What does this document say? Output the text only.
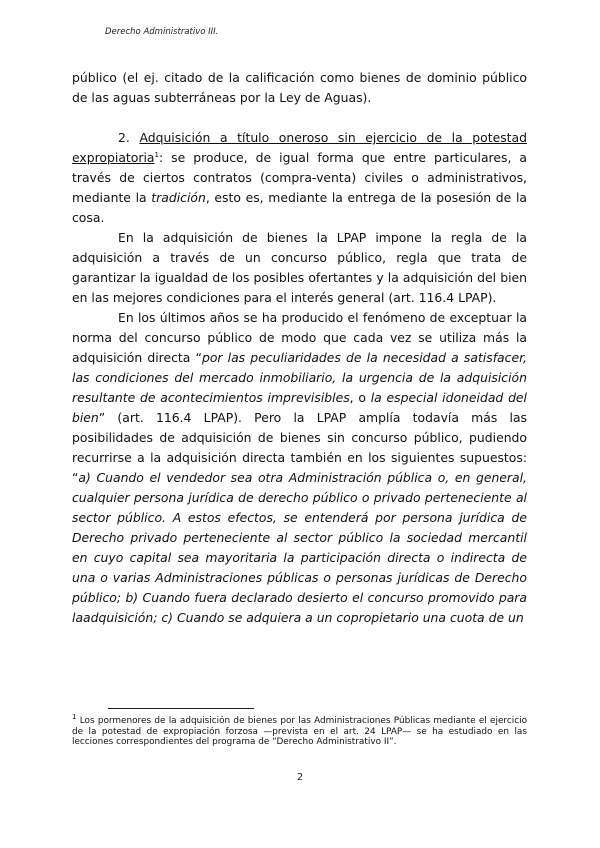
Derecho Administrativo III.

público (el ej. citado de la calificación como bienes de dominio público de las aguas subterráneas por la Ley de Aguas).

2. Adquisición a título oneroso sin ejercicio de la potestad expropiatoria$^1$: se produce, de igual forma que entre particulares, a través de ciertos contratos (compra-venta) civiles o administrativos, mediante la tradición, esto es, mediante la entrega de la posesión de la cosa.

En la adquisición de bienes la LPAP impone la regla de la adquisición a través de un concurso público, regla que trata de garantizar la igualdad de los posibles ofertantes y la adquisición del bien en las mejores condiciones para el interés general (art. 116.4 LPAP).

En los últimos años se ha producido el fenómeno de exceptuar la norma del concurso público de modo que cada vez se utiliza más la adquisición directa “por las peculiaridades de la necesidad a satisfacer, las condiciones del mercado inmobiliario, la urgencia de la adquisición resultante de acontecimientos imprevisibles, o la especial idoneidad del bien” (art. 116.4 LPAP). Pero la LPAP amplía todavía más las posibilidades de adquisición de bienes sin concurso público, pudiendo recurrirse a la adquisición directa también en los siguientes supuestos: “a) Cuando el vendedor sea otra Administración pública o, en general, cualquier persona jurídica de derecho público o privado perteneciente al sector público. A estos efectos, se entenderá por persona jurídica de Derecho privado perteneciente al sector público la sociedad mercantil en cuyo capital sea mayoritaria la participación directa o indirecta de una o varias Administraciones públicas o personas jurídicas de Derecho público; b) Cuando fuera declarado desierto el concurso promovido para laadquisición; c) Cuando se adquiera a un copropietario una cuota de un

$^1$ Los pormenores de la adquisición de bienes por las Administraciones Públicas mediante el ejercicio de la potestad de expropiación forzosa —prevista en el art. 24 LPAP— se ha estudiado en las lecciones correspondientes del programa de “Derecho Administrativo II”.
2
